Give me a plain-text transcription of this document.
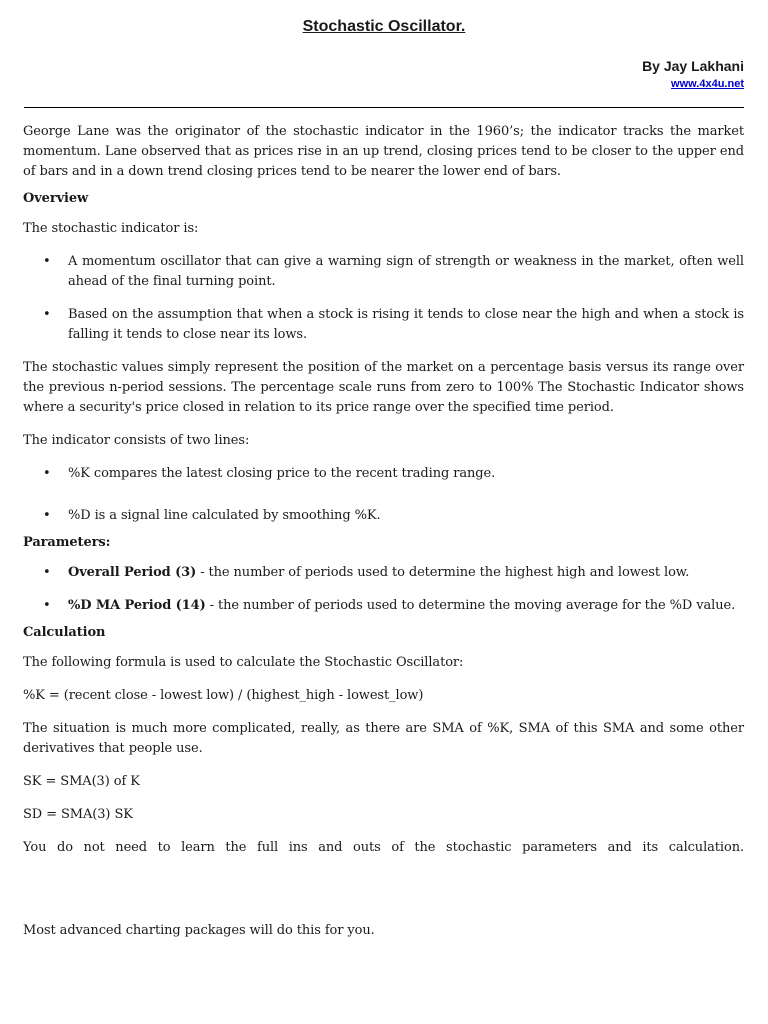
Stochastic Oscillator.
By Jay Lakhani
www.4x4u.net

George Lane was the originator of the stochastic indicator in the 1960’s; the indicator tracks the market momentum. Lane observed that as prices rise in an up trend, closing prices tend to be closer to the upper end of bars and in a down trend closing prices tend to be nearer the lower end of bars.

Overview

The stochastic indicator is:

• A momentum oscillator that can give a warning sign of strength or weakness in the market, often well ahead of the final turning point.
• Based on the assumption that when a stock is rising it tends to close near the high and when a stock is falling it tends to close near its lows.

The stochastic values simply represent the position of the market on a percentage basis versus its range over the previous n-period sessions. The percentage scale runs from zero to 100% The Stochastic Indicator shows where a security's price closed in relation to its price range over the specified time period.

The indicator consists of two lines:

• %K compares the latest closing price to the recent trading range.
• %D is a signal line calculated by smoothing %K.
Parameters:
• Overall Period (3) - the number of periods used to determine the highest high and lowest low.
• %D MA Period (14) - the number of periods used to determine the moving average for the %D value.
Calculation

The following formula is used to calculate the Stochastic Oscillator:

%K = (recent close - lowest low) / (highest_high - lowest_low)

The situation is much more complicated, really, as there are SMA of %K, SMA of this SMA and some other derivatives that people use.

SK = SMA(3) of K

SD = SMA(3) SK

You do not need to learn the full ins and outs of the stochastic parameters and its calculation.

Most advanced charting packages will do this for you.
